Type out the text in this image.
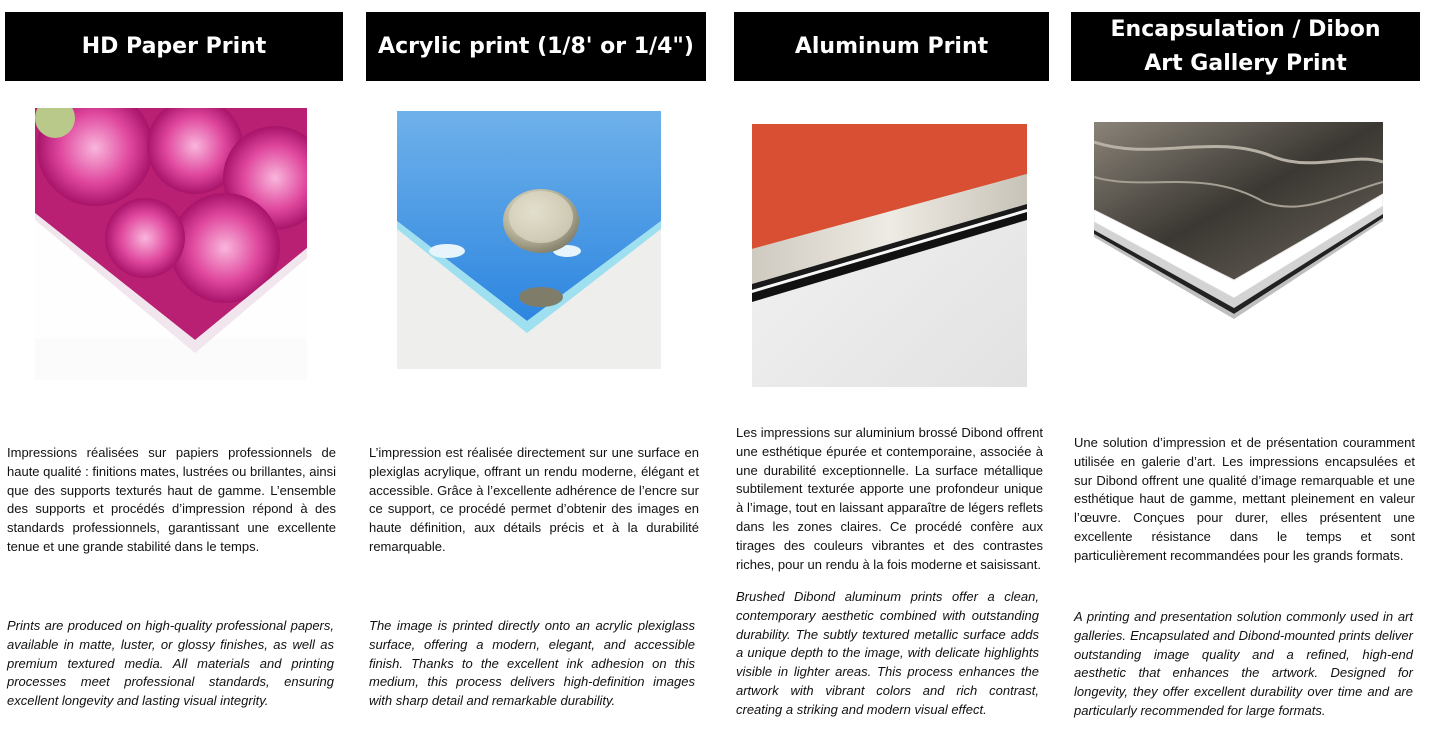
HD Paper Print
Impressions réalisées sur papiers professionnels de haute qualité : finitions mates, lustrées ou brillantes, ainsi que des supports texturés haut de gamme. L’ensemble des supports et procédés d’impression répond à des standards professionnels, garantissant une excellente tenue et une grande stabilité dans le temps.
Prints are produced on high-quality professional papers, available in matte, luster, or glossy finishes, as well as premium textured media. All materials and printing processes meet professional standards, ensuring excellent longevity and lasting visual integrity.
Acrylic print (1/8' or 1/4")
L’impression est réalisée directement sur une surface en plexiglas acrylique, offrant un rendu moderne, élégant et accessible. Grâce à l’excellente adhérence de l’encre sur ce support, ce procédé permet d’obtenir des images en haute définition, aux détails précis et à la durabilité remarquable.
The image is printed directly onto an acrylic plexiglass surface, offering a modern, elegant, and accessible finish. Thanks to the excellent ink adhesion on this medium, this process delivers high-definition images with sharp detail and remarkable durability.
Aluminum Print
Les impressions sur aluminium brossé Dibond offrent une esthétique épurée et contemporaine, associée à une durabilité exceptionnelle. La surface métallique subtilement texturée apporte une profondeur unique à l’image, tout en laissant apparaître de légers reflets dans les zones claires. Ce procédé confère aux tirages des couleurs vibrantes et des contrastes riches, pour un rendu à la fois moderne et saisissant.
Brushed Dibond aluminum prints offer a clean, contemporary aesthetic combined with outstanding durability. The subtly textured metallic surface adds a unique depth to the image, with delicate highlights visible in lighter areas. This process enhances the artwork with vibrant colors and rich contrast, creating a striking and modern visual effect.
Encapsulation / Dibon
Art Gallery Print
Une solution d’impression et de présentation couramment utilisée en galerie d’art. Les impressions encapsulées et sur Dibond offrent une qualité d’image remarquable et une esthétique haut de gamme, mettant pleinement en valeur l’œuvre. Conçues pour durer, elles présentent une excellente résistance dans le temps et sont particulièrement recommandées pour les grands formats.
A printing and presentation solution commonly used in art galleries. Encapsulated and Dibond-mounted prints deliver outstanding image quality and a refined, high-end aesthetic that enhances the artwork. Designed for longevity, they offer excellent durability over time and are particularly recommended for large formats.
